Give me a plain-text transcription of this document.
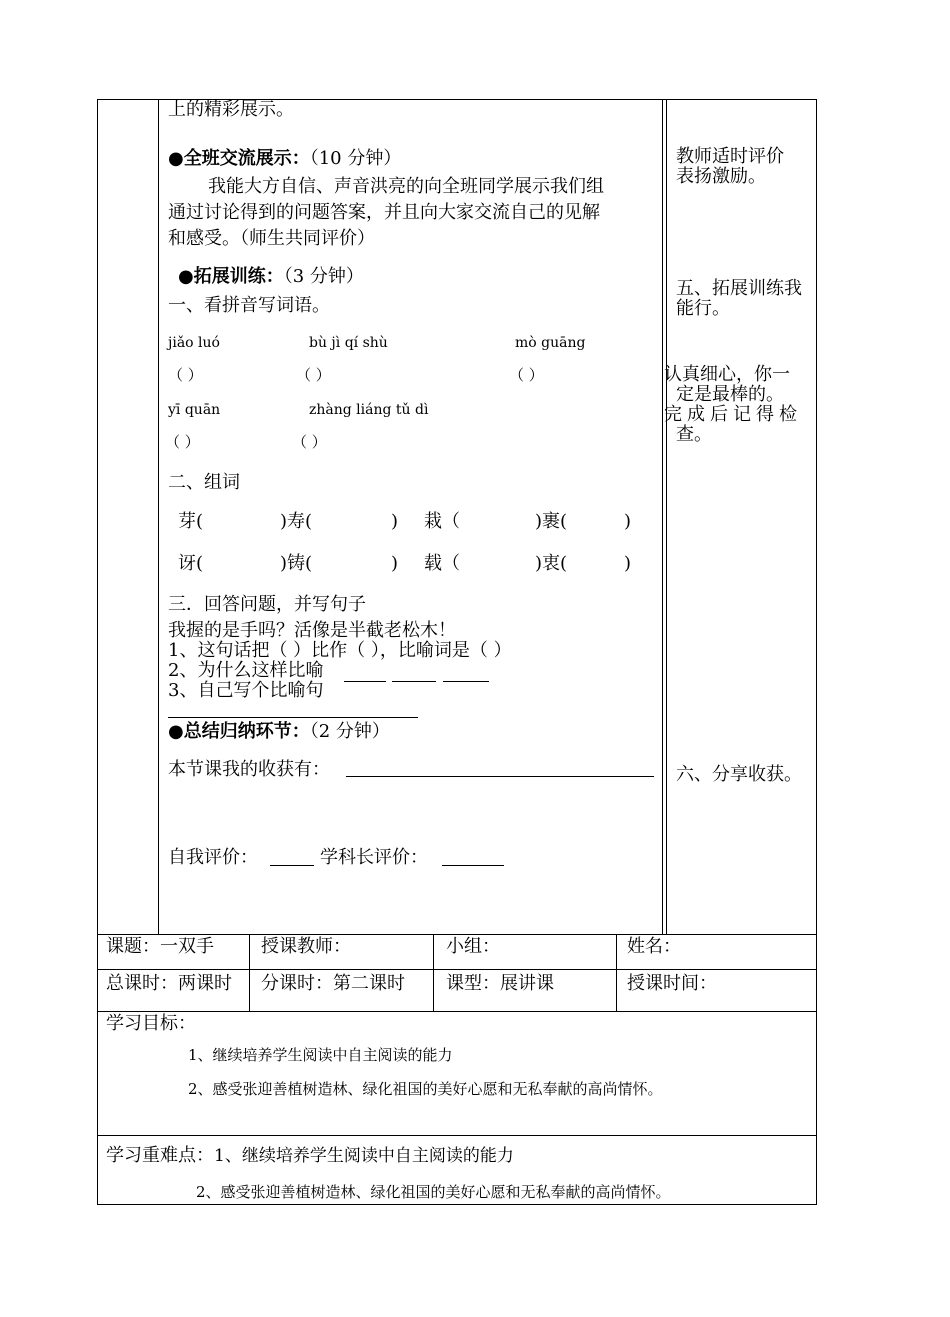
上的精彩展示。
●全班交流展示：（10 分钟）
我能大方自信、声音洪亮的向全班同学展示我们组
通过讨论得到的问题答案，并且向大家交流自己的见解
和感受。（师生共同评价）
●拓展训练：（3 分钟）
一、看拼音写词语。
jiǎo luó	bù jì qí shù	mò guāng
（ ）	（ ）	（ ）
yī quān	zhàng liáng tǔ dì
（ ）	（ ）
二、组词
芽(	)寿(	) 栽（	)裹(	)
讶(	)铸(	) 载（	)衷(	)
三．回答问题，并写句子
我握的是手吗？活像是半截老松木！
1、这句话把（ ）比作（ ），比喻词是（ ）
2、为什么这样比喻
3、自己写个比喻句
●总结归纳环节：（2 分钟）
本节课我的收获有：
自我评价：	学科长评价：
教师适时评价
表扬激励。
五、拓展训练我
能行。
认真细心，你一
定是最棒的。
完成后记得检
查。
六、分享收获。
课题：一双手	授课教师：	小组：	姓名：
总课时：两课时 分课时：第二课时 课型：展讲课	授课时间：
学习目标：
1、继续培养学生阅读中自主阅读的能力
2、感受张迎善植树造林、绿化祖国的美好心愿和无私奉献的高尚情怀。
学习重难点：1、继续培养学生阅读中自主阅读的能力
2、感受张迎善植树造林、绿化祖国的美好心愿和无私奉献的高尚情怀。
